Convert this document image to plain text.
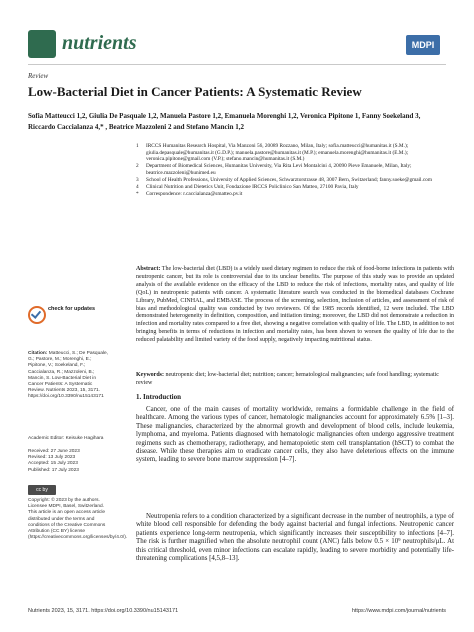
nutrients	MDPI
Review
Low-Bacterial Diet in Cancer Patients: A Systematic Review
Sofia Matteucci 1,2, Giulia De Pasquale 1,2, Manuela Pastore 1,2, Emanuela Morenghi 1,2, Veronica Pipitone 1, Fanny Soekeland 3, Riccardo Caccialanza 4,* , Beatrice Mazzoleni 2 and Stefano Mancin 1,2
1	IRCCS Humanitas Research Hospital, Via Manzoni 56, 20089 Rozzano, Milan, Italy; sofia.matteucci@humanitas.it (S.M.); giulia.depasquale@humanitas.it (G.D.P.); manuela.pastore@humanitas.it (M.P.); emanuela.morenghi@humanitas.it (E.M.); veronica.pipitone@gmail.com (V.P.); stefano.mancin@humanitas.it (S.M.)
2	Department of Biomedical Sciences, Humanitas University, Via Rita Levi Montalcini 4, 20090 Pieve Emanuele, Milan, Italy; beatrice.mazzoleni@hunimed.eu
3	School of Health Professions, University of Applied Sciences, Schwarztorstrasse 48, 3007 Bern, Switzerland; fanny.soeke@gmail.com
4	Clinical Nutrition and Dietetics Unit, Fondazione IRCCS Policlinico San Matteo, 27100 Pavia, Italy
*	Correspondence: r.caccialanza@smatteo.pv.it
Abstract: The low-bacterial diet (LBD) is a widely used dietary regimen to reduce the risk of food-borne infections in patients with neutropenic cancer, but its role is controversial due to its unclear benefits. The purpose of this study was to provide an updated analysis of the available evidence on the efficacy of the LBD to reduce the risk of infections, mortality rates, and quality of life (QoL) in neutropenic patients with cancer. A systematic literature search was conducted in the biomedical databases Cochrane Library, PubMed, CINHAL, and EMBASE. The process of the screening, selection, inclusion of articles, and assessment of risk of bias and methodological quality was conducted by two reviewers. Of the 1985 records identified, 12 were included. The LBD demonstrated heterogeneity in definition, composition, and initiation timing; moreover, the LBD did not demonstrate a reduction in infection and mortality rates compared to a free diet, showing a negative correlation with quality of life. The LBD, in addition to not bringing benefits in terms of reductions in infection and mortality rates, has been shown to worsen the quality of life due to the reduced palatability and limited variety of the food supply, negatively impacting nutritional status.
Keywords: neutropenic diet; low-bacterial diet; nutrition; cancer; hematological malignancies; safe food handling; systematic review
check for updates
Citation: Matteucci, S.; De Pasquale, G.; Pastore, M.; Morenghi, E.; Pipitone, V.; Soekeland, F.; Caccialanza, R.; Mazzoleni, B.; Mancin, S. Low-Bacterial Diet in Cancer Patients: A Systematic Review. Nutrients 2023, 15, 3171. https://doi.org/10.3390/nu15143171
Academic Editor: Keisuke Hagihara
Received: 27 June 2023
Revised: 13 July 2023
Accepted: 15 July 2023
Published: 17 July 2023
cc by
Copyright: © 2023 by the authors. Licensee MDPI, Basel, Switzerland. This article is an open access article distributed under the terms and conditions of the Creative Commons Attribution (CC BY) license (https://creativecommons.org/licenses/by/4.0/).
1. Introduction
Cancer, one of the main causes of mortality worldwide, remains a formidable challenge in the field of healthcare. Among the various types of cancer, hematologic malignancies account for approximately 6.5% [1–3]. These malignancies, characterized by the abnormal growth and development of blood cells, include leukemia, lymphoma, and myeloma. Patients diagnosed with hematologic malignancies often undergo aggressive treatment regimens such as chemotherapy, radiotherapy, and hematopoietic stem cell transplantation (hSCT) to combat the disease. While these therapies aim to eradicate cancer cells, they also have deleterious effects on the immune system, leading to severe bone marrow suppression [4–7].
Neutropenia refers to a condition characterized by a significant decrease in the number of neutrophils, a type of white blood cell responsible for defending the body against bacterial and fungal infections. Neutropenic cancer patients experience long-term neutropenia, which significantly increases their susceptibility to infections [4–7]. The risk is further magnified when the absolute neutrophil count (ANC) falls below 0.5 × 10⁹ neutrophils/μL. At this critical threshold, even minor infections can escalate rapidly, leading to severe morbidity and potentially life-threatening complications [4,5,8–13].
Nutrients 2023, 15, 3171. https://doi.org/10.3390/nu15143171	https://www.mdpi.com/journal/nutrients
